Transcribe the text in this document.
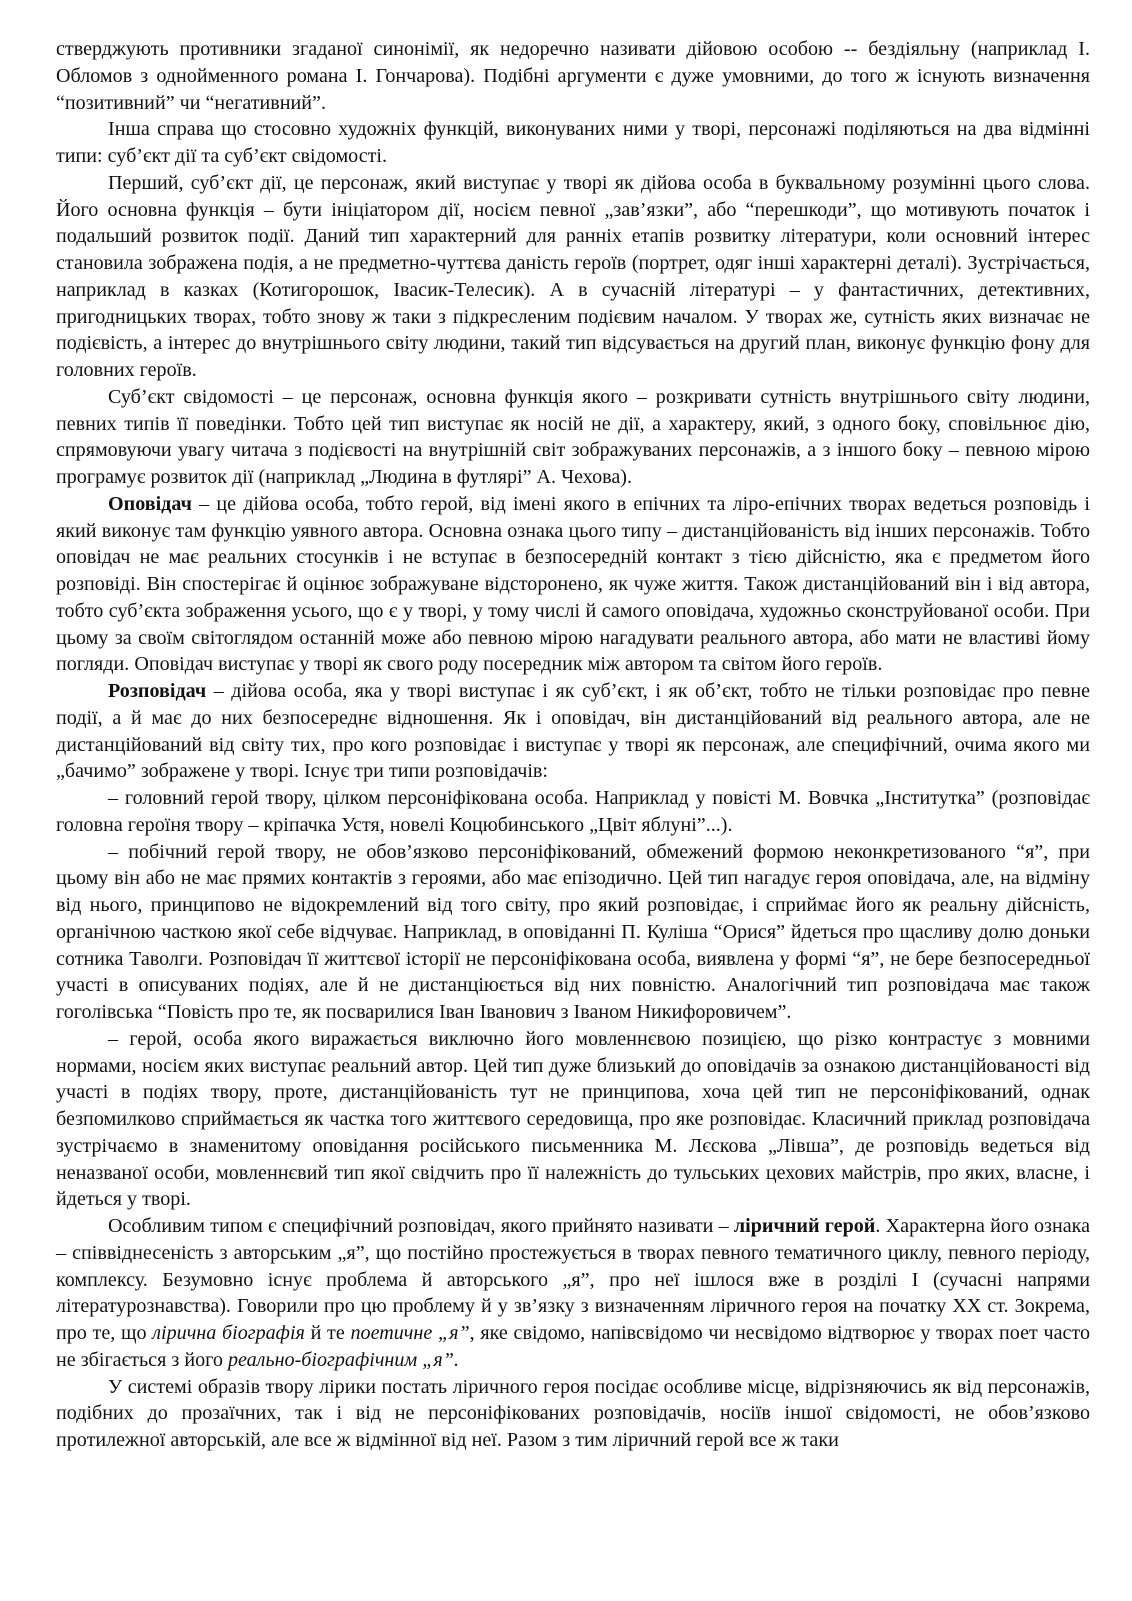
стверджують противники згаданої синонімії, як недоречно називати дійовою особою -- бездіяльну (наприклад І. Обломов з однойменного романа І. Гончарова). Подібні аргументи є дуже умовними, до того ж існують визначення “позитивний” чи “негативний”.

Інша справа що стосовно художніх функцій, виконуваних ними у творі, персонажі поділяються на два відмінні типи: суб’єкт дії та суб’єкт свідомості.

Перший, суб’єкт дії, це персонаж, який виступає у творі як дійова особа в буквальному розумінні цього слова. Його основна функція – бути ініціатором дії, носієм певної „зав’язки”, або “перешкоди”, що мотивують початок і подальший розвиток події. Даний тип характерний для ранніх етапів розвитку літератури, коли основний інтерес становила зображена подія, а не предметно-чуттєва даність героїв (портрет, одяг інші характерні деталі). Зустрічається, наприклад в казках (Котигорошок, Івасик-Телесик). А в сучасній літературі – у фантастичних, детективних, пригодницьких творах, тобто знову ж таки з підкресленим подієвим началом. У творах же, сутність яких визначає не подієвість, а інтерес до внутрішнього світу людини, такий тип відсувається на другий план, виконує функцію фону для головних героїв.

Суб’єкт свідомості – це персонаж, основна функція якого – розкривати сутність внутрішнього світу людини, певних типів її поведінки. Тобто цей тип виступає як носій не дії, а характеру, який, з одного боку, сповільнює дію, спрямовуючи увагу читача з подієвості на внутрішній світ зображуваних персонажів, а з іншого боку – певною мірою програмує розвиток дії (наприклад „Людина в футлярі” А. Чехова).

Оповідач – це дійова особа, тобто герой, від імені якого в епічних та ліро-епічних творах ведеться розповідь і який виконує там функцію уявного автора. Основна ознака цього типу – дистанційованість від інших персонажів. Тобто оповідач не має реальних стосунків і не вступає в безпосередній контакт з тією дійсністю, яка є предметом його розповіді. Він спостерігає й оцінює зображуване відсторонено, як чуже життя. Також дистанційований він і від автора, тобто суб’єкта зображення усього, що є у творі, у тому числі й самого оповідача, художньо сконструйованої особи. При цьому за своїм світоглядом останній може або певною мірою нагадувати реального автора, або мати не властиві йому погляди. Оповідач виступає у творі як свого роду посередник між автором та світом його героїв.

Розповідач – дійова особа, яка у творі виступає і як суб’єкт, і як об’єкт, тобто не тільки розповідає про певне події, а й має до них безпосереднє відношення. Як і оповідач, він дистанційований від реального автора, але не дистанційований від світу тих, про кого розповідає і виступає у творі як персонаж, але специфічний, очима якого ми „бачимо” зображене у творі. Існує три типи розповідачів:

– головний герой твору, цілком персоніфікована особа. Наприклад у повісті М. Вовчка „Інститутка” (розповідає головна героїня твору – кріпачка Устя, новелі Коцюбинського „Цвіт яблуні”...).

– побічний герой твору, не обов’язково персоніфікований, обмежений формою неконкретизованого “я”, при цьому він або не має прямих контактів з героями, або має епізодично. Цей тип нагадує героя оповідача, але, на відміну від нього, принципово не відокремлений від того світу, про який розповідає, і сприймає його як реальну дійсність, органічною часткою якої себе відчуває. Наприклад, в оповіданні П. Куліша “Орися” йдеться про щасливу долю доньки сотника Таволги. Розповідач її життєвої історії не персоніфікована особа, виявлена у формі “я”, не бере безпосередньої участі в описуваних подіях, але й не дистанціюється від них повністю. Аналогічний тип розповідача має також гоголівська “Повість про те, як посварилися Іван Іванович з Іваном Никифоровичем”.

– герой, особа якого виражається виключно його мовленнєвою позицією, що різко контрастує з мовними нормами, носієм яких виступає реальний автор. Цей тип дуже близький до оповідачів за ознакою дистанційованості від участі в подіях твору, проте, дистанційованість тут не принципова, хоча цей тип не персоніфікований, однак безпомилково сприймається як частка того життєвого середовища, про яке розповідає. Класичний приклад розповідача зустрічаємо в знаменитому оповідання російського письменника М. Лєскова „Лівша”, де розповідь ведеться від неназваної особи, мовленнєвий тип якої свідчить про її належність до тульських цехових майстрів, про яких, власне, і йдеться у творі.

Особливим типом є специфічний розповідач, якого прийнято називати – ліричний герой. Характерна його ознака – співвіднесеність з авторським „я”, що постійно простежується в творах певного тематичного циклу, певного періоду, комплексу. Безумовно існує проблема й авторського „я”, про неї ішлося вже в розділі І (сучасні напрями літературознавства). Говорили про цю проблему й у зв’язку з визначенням ліричного героя на початку ХХ ст. Зокрема, про те, що лірична біографія й те поетичне „я”, яке свідомо, напівсвідомо чи несвідомо відтворює у творах поет часто не збігається з його реально-біографічним „я”.

У системі образів твору лірики постать ліричного героя посідає особливе місце, відрізняючись як від персонажів, подібних до прозаїчних, так і від не персоніфікованих розповідачів, носіїв іншої свідомості, не обов’язково протилежної авторській, але все ж відмінної від неї. Разом з тим ліричний герой все ж таки
